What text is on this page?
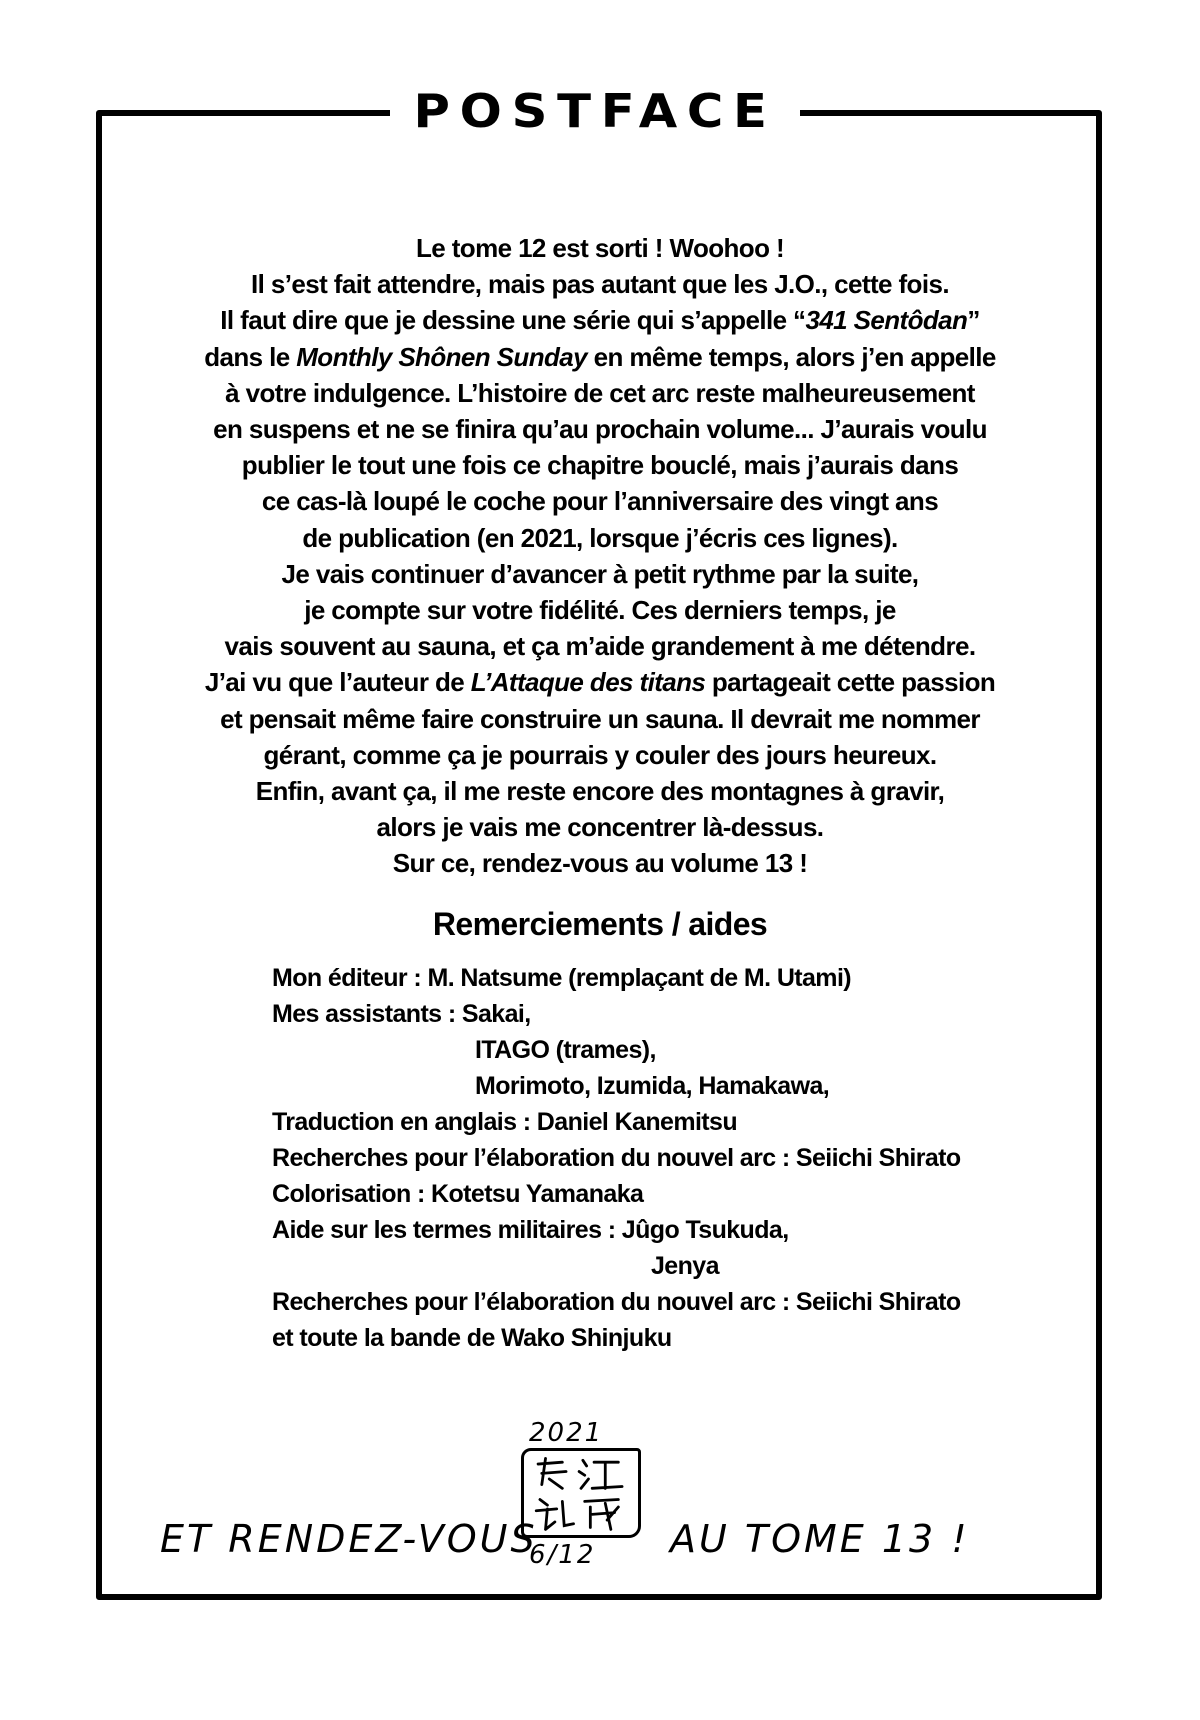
POSTFACE
Le tome 12 est sorti ! Woohoo !
Il s’est fait attendre, mais pas autant que les J.O., cette fois.
Il faut dire que je dessine une série qui s’appelle “341 Sentôdan”
dans le Monthly Shônen Sunday en même temps, alors j’en appelle
à votre indulgence. L’histoire de cet arc reste malheureusement
en suspens et ne se finira qu’au prochain volume... J’aurais voulu
publier le tout une fois ce chapitre bouclé, mais j’aurais dans
ce cas-là loupé le coche pour l’anniversaire des vingt ans
de publication (en 2021, lorsque j’écris ces lignes).
Je vais continuer d’avancer à petit rythme par la suite,
je compte sur votre fidélité. Ces derniers temps, je
vais souvent au sauna, et ça m’aide grandement à me détendre.
J’ai vu que l’auteur de L’Attaque des titans partageait cette passion
et pensait même faire construire un sauna. Il devrait me nommer
gérant, comme ça je pourrais y couler des jours heureux.
Enfin, avant ça, il me reste encore des montagnes à gravir,
alors je vais me concentrer là-dessus.
Sur ce, rendez-vous au volume 13 !
Remerciements / aides
Mon éditeur : M. Natsume (remplaçant de M. Utami)
Mes assistants : Sakai,
ITAGO (trames),
Morimoto, Izumida, Hamakawa,
Traduction en anglais : Daniel Kanemitsu
Recherches pour l’élaboration du nouvel arc : Seiichi Shirato
Colorisation : Kotetsu Yamanaka
Aide sur les termes militaires : Jûgo Tsukuda,
Jenya
Recherches pour l’élaboration du nouvel arc : Seiichi Shirato
et toute la bande de Wako Shinjuku
ET RENDEZ-VOUS
2021
6/12 AU TOME 13 !
